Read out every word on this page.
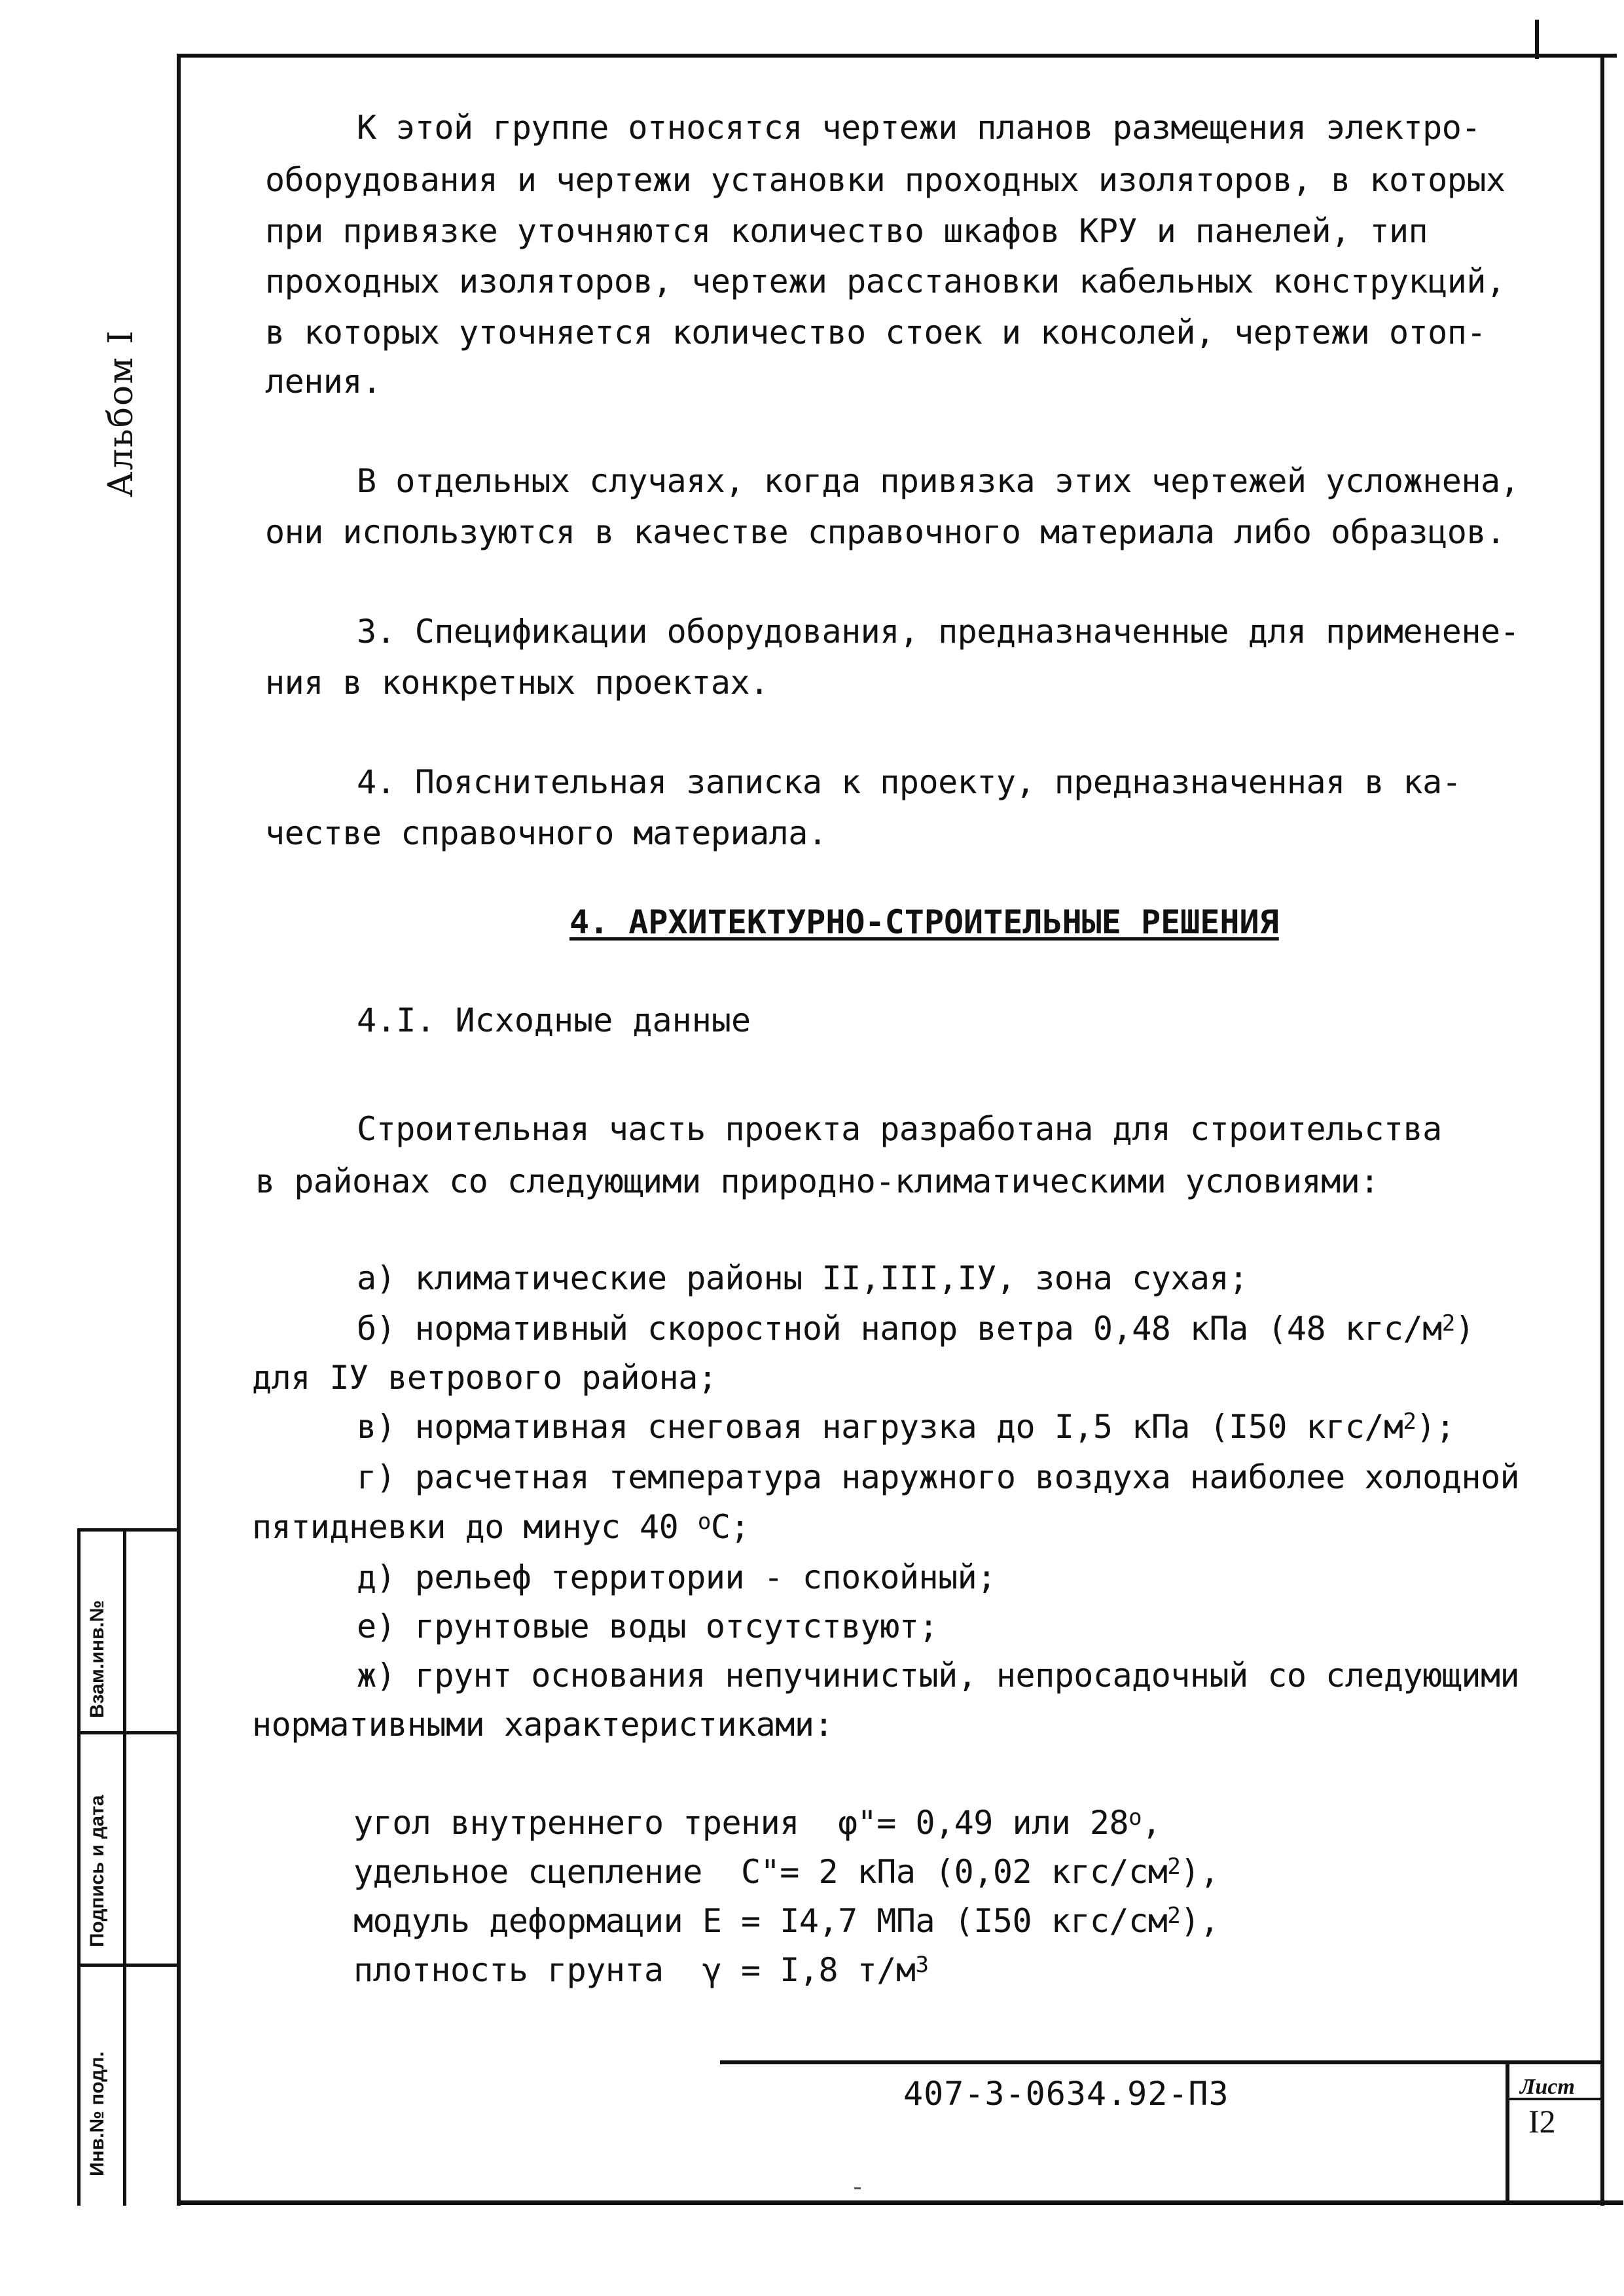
Альбом I
Взам.инв.№
Подпись и дата
Инв.№ подл.
К этой группе относятся чертежи планов размещения электро-
оборудования и чертежи установки проходных изоляторов, в которых
при привязке уточняются количество шкафов КРУ и панелей, тип
проходных изоляторов, чертежи расстановки кабельных конструкций,
в которых уточняется количество стоек и консолей, чертежи отоп-
ления.
В отдельных случаях, когда привязка этих чертежей усложнена,
они используются в качестве справочного материала либо образцов.
3. Спецификации оборудования, предназначенные для применене-
ния в конкретных проектах.
4. Пояснительная записка к проекту, предназначенная в ка-
честве справочного материала.
4. АРХИТЕКТУРНО-СТРОИТЕЛЬНЫЕ РЕШЕНИЯ
4.I. Исходные данные
Строительная часть проекта разработана для строительства
в районах со следующими природно-климатическими условиями:
а) климатические районы II,III,IУ, зона сухая;
б) нормативный скоростной напор ветра 0,48 кПа (48 кгс/$м^2$)
для IУ ветрового района;
в) нормативная снеговая нагрузка до I,5 кПа (I50 кгс/$м^2$);
г) расчетная температура наружного воздуха наиболее холодной
пятидневки до минус 40 $^о$С;
д) рельеф территории - спокойный;
е) грунтовые воды отсутствуют;
ж) грунт основания непучинистый, непросадочный со следующими
нормативными характеристиками:
угол внутреннего трения  φ"= 0,49 или $28^о$,
удельное сцепление  С"= 2 кПа (0,02 кгс/$см^2$),
модуль деформации Е = I4,7 МПа (I50 кгс/$см^2$),
плотность грунта  γ = I,8 $т/м^3$
407-3-0634.92-ПЗ	Лист
I2
